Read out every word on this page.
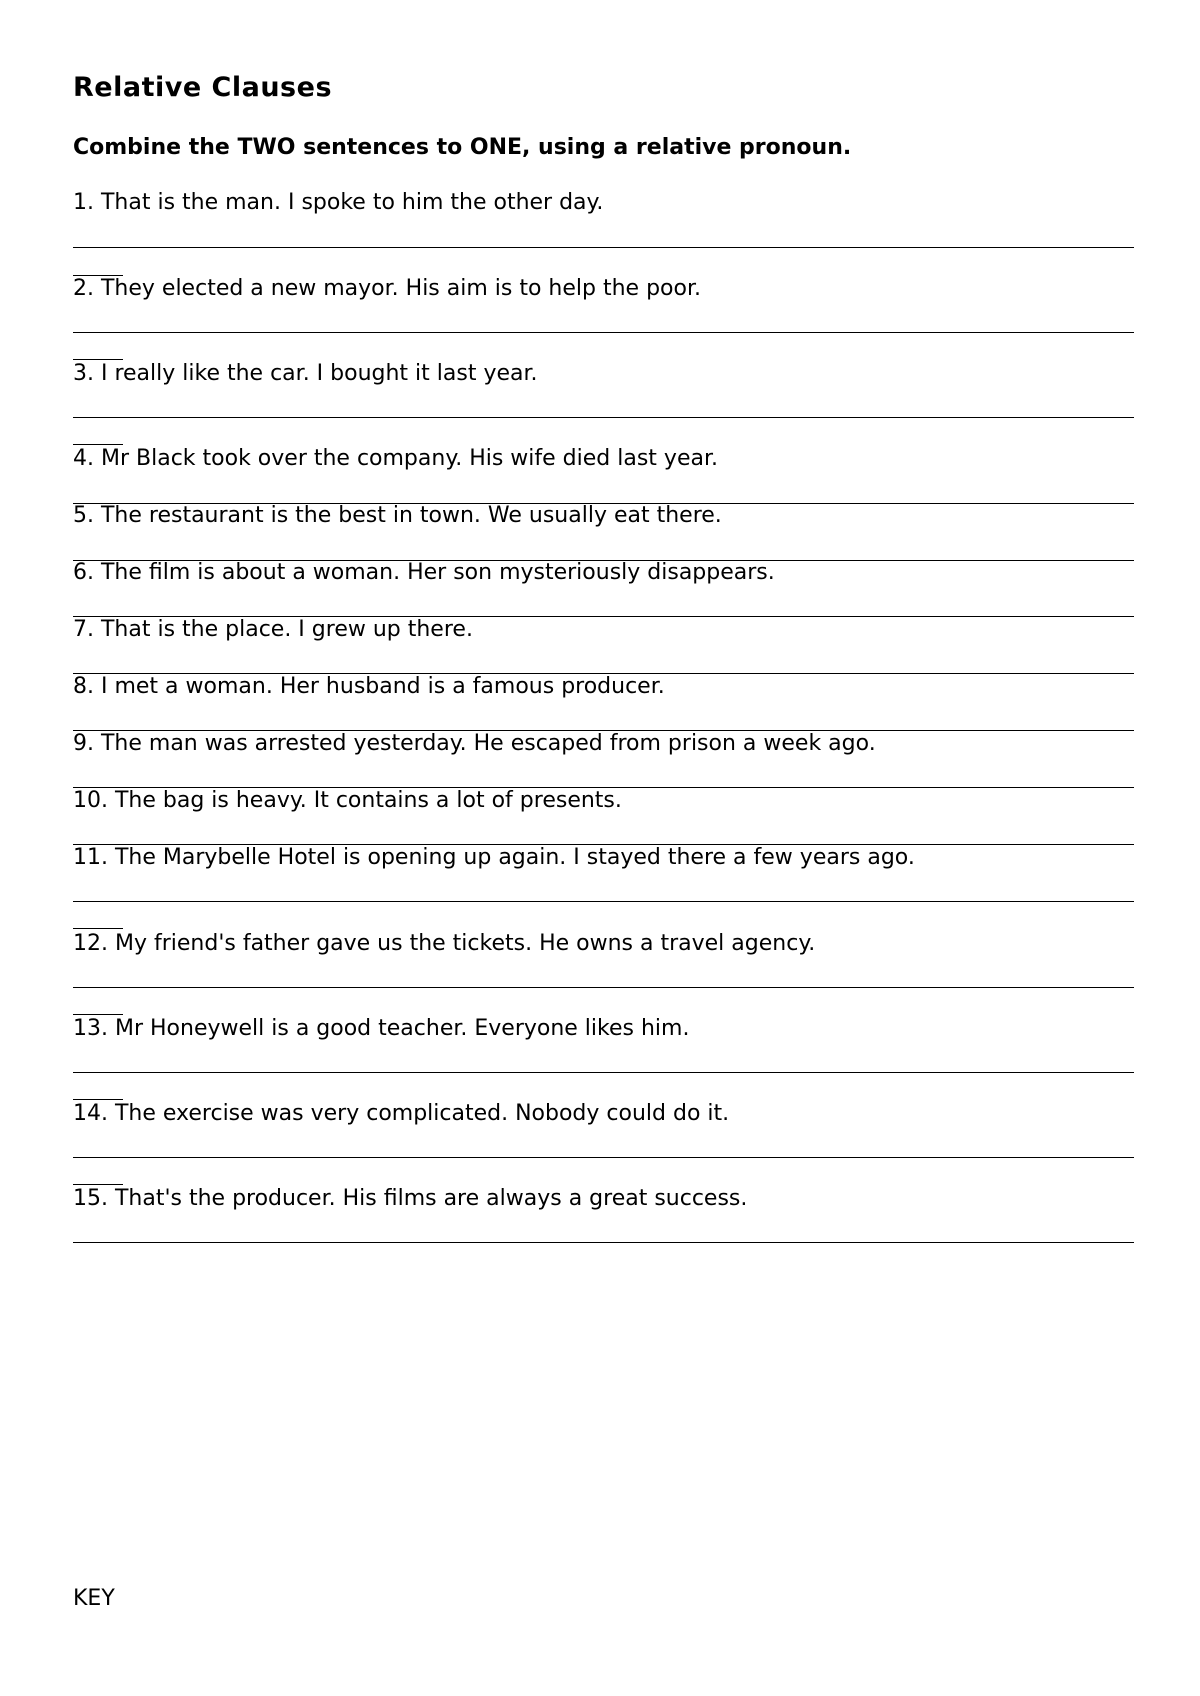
Relative Clauses

Combine the TWO sentences to ONE, using a relative pronoun.

1. That is the man. I spoke to him the other day.

2. They elected a new mayor. His aim is to help the poor.

3. I really like the car. I bought it last year.

4. Mr Black took over the company. His wife died last year.

5. The restaurant is the best in town. We usually eat there.

6. The film is about a woman. Her son mysteriously disappears.

7. That is the place. I grew up there.

8. I met a woman. Her husband is a famous producer.

9. The man was arrested yesterday. He escaped from prison a week ago.

10. The bag is heavy. It contains a lot of presents.

11. The Marybelle Hotel is opening up again. I stayed there a few years ago.

12. My friend's father gave us the tickets. He owns a travel agency.

13. Mr Honeywell is a good teacher. Everyone likes him.

14. The exercise was very complicated. Nobody could do it.

15. That's the producer. His films are always a great success.

KEY
